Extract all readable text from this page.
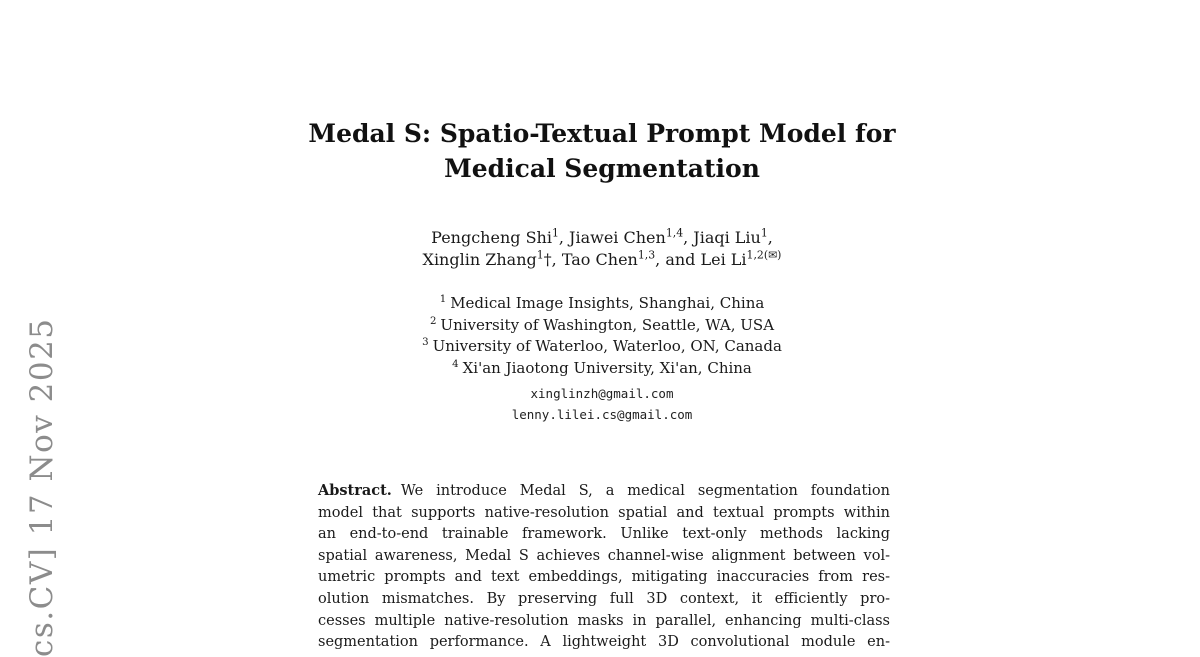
cs.CV] 17 Nov 2025
Medal S: Spatio-Textual Prompt Model for
Medical Segmentation
Pengcheng Shi$^1$, Jiawei Chen$^{1,4}$, Jiaqi Liu$^1$,
Xinglin Zhang$^1$†, Tao Chen$^{1,3}$, and Lei $Li^{1,2(✉)}$
$^1$ Medical Image Insights, Shanghai, China
$^2$ University of Washington, Seattle, WA, USA
$^3$ University of Waterloo, Waterloo, ON, Canada
$^4$ Xi'an Jiaotong University, Xi'an, China
xinglinzh@gmail.com
lenny.lilei.cs@gmail.com
Abstract. We introduce Medal S, a medical segmentation foundation
model that supports native-resolution spatial and textual prompts within
an end-to-end trainable framework. Unlike text-only methods lacking
spatial awareness, Medal S achieves channel-wise alignment between vol-
umetric prompts and text embeddings, mitigating inaccuracies from res-
olution mismatches. By preserving full 3D context, it efficiently pro-
cesses multiple native-resolution masks in parallel, enhancing multi-class
segmentation performance. A lightweight 3D convolutional module en-
